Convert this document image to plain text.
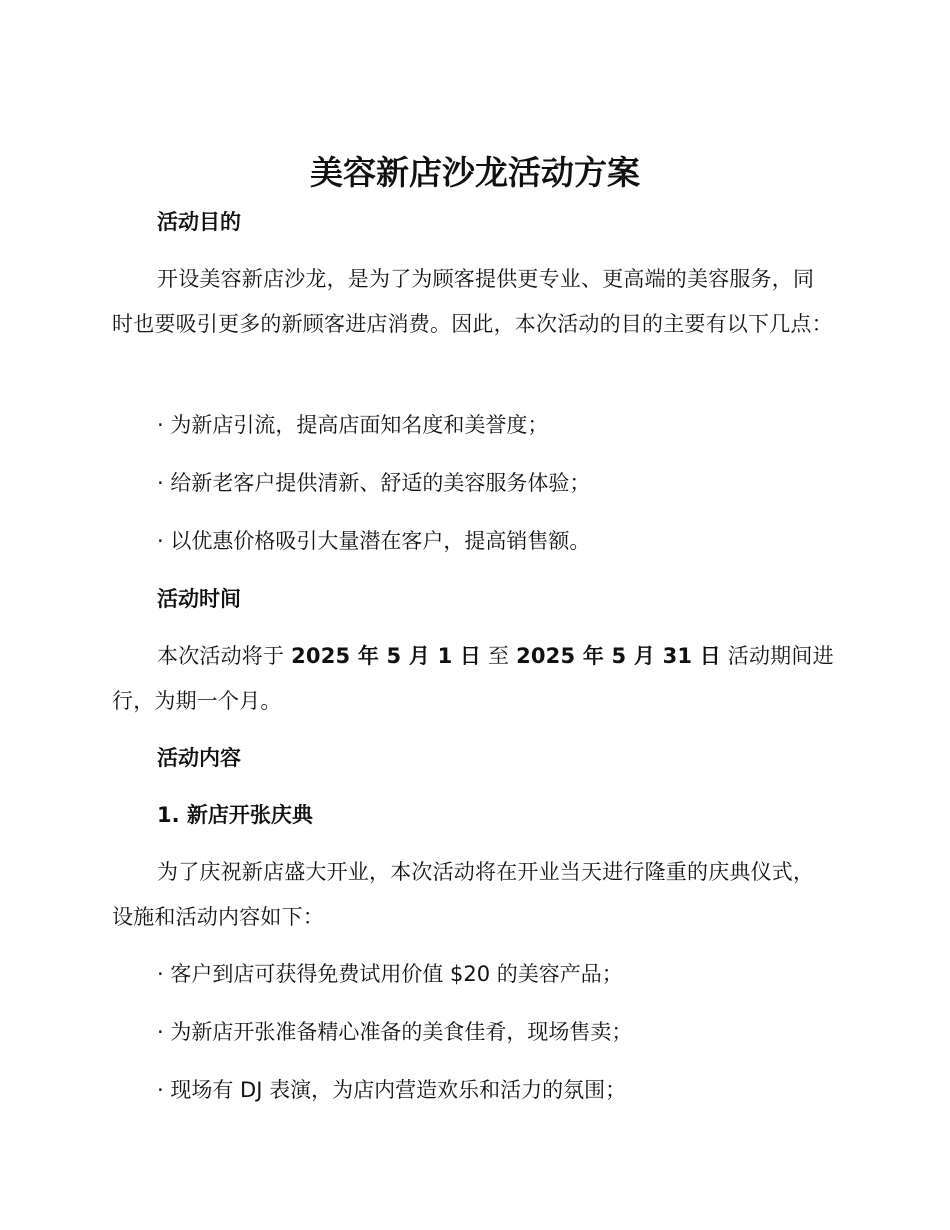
美容新店沙龙活动方案
活动目的

开设美容新店沙龙，是为了为顾客提供更专业、更高端的美容服务，同时也要吸引更多的新顾客进店消费。因此，本次活动的目的主要有以下几点：

· 为新店引流，提高店面知名度和美誉度；

· 给新老客户提供清新、舒适的美容服务体验；

· 以优惠价格吸引大量潜在客户，提高销售额。

活动时间

本次活动将于 2025 年 5 月 1 日 至 2025 年 5 月 31 日 活动期间进行，为期一个月。

活动内容
1. 新店开张庆典

为了庆祝新店盛大开业，本次活动将在开业当天进行隆重的庆典仪式，设施和活动内容如下：

· 客户到店可获得免费试用价值 $20 的美容产品；

· 为新店开张准备精心准备的美食佳肴，现场售卖；

· 现场有 DJ 表演，为店内营造欢乐和活力的氛围；
